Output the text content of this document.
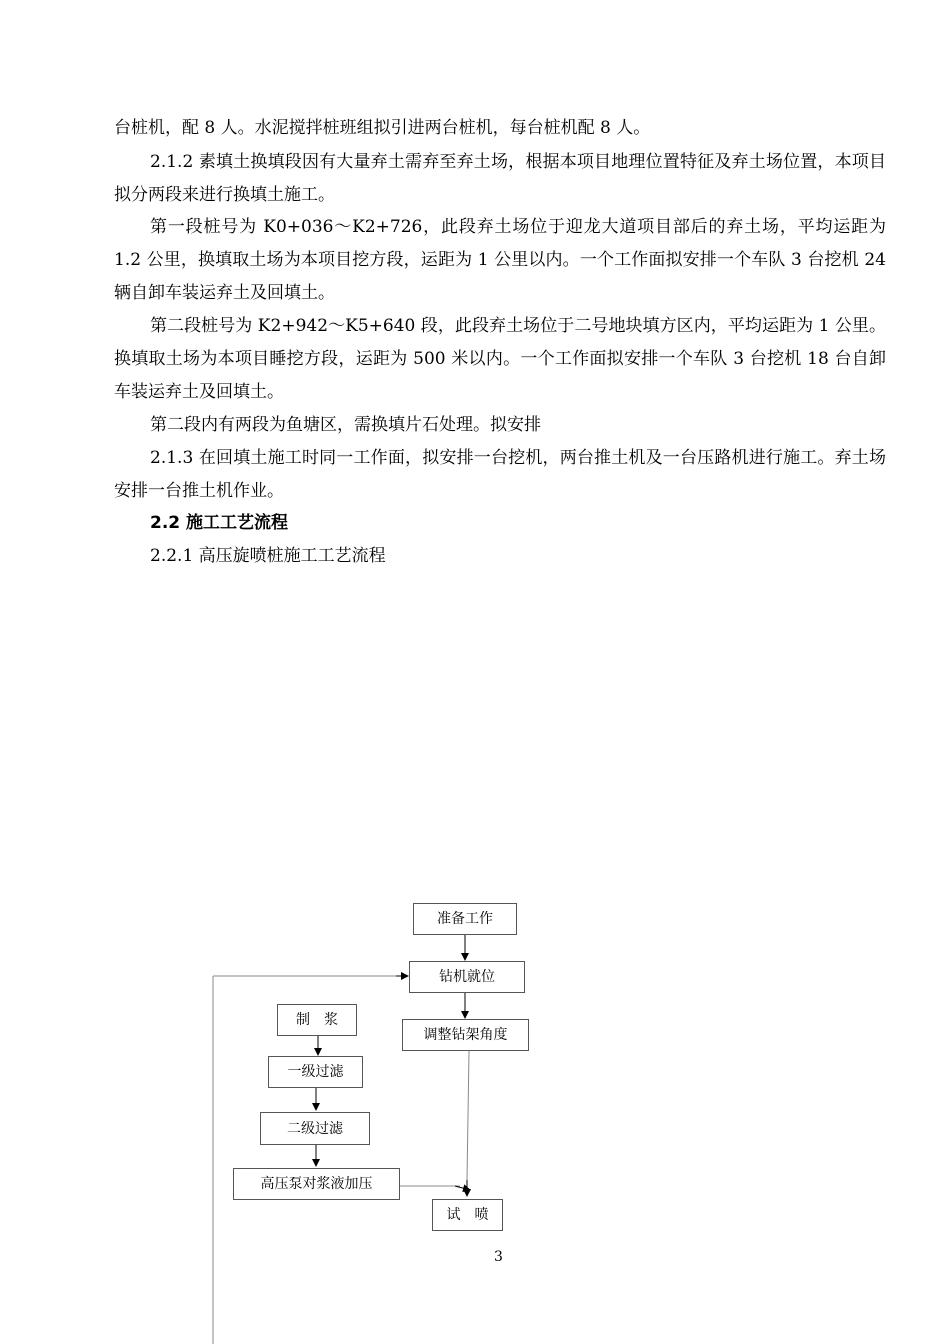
台桩机，配 8 人。水泥搅拌桩班组拟引进两台桩机，每台桩机配 8 人。

2.1.2 素填土换填段因有大量弃土需弃至弃土场，根据本项目地理位置特征及弃土场位置，本项目拟分两段来进行换填土施工。

第一段桩号为 K0+036～K2+726，此段弃土场位于迎龙大道项目部后的弃土场，平均运距为 1.2 公里，换填取土场为本项目挖方段，运距为 1 公里以内。一个工作面拟安排一个车队 3 台挖机 24 辆自卸车装运弃土及回填土。

第二段桩号为 K2+942～K5+640 段，此段弃土场位于二号地块填方区内，平均运距为 1 公里。换填取土场为本项目睡挖方段，运距为 500 米以内。一个工作面拟安排一个车队 3 台挖机 18 台自卸车装运弃土及回填土。

第二段内有两段为鱼塘区，需换填片石处理。拟安排

2.1.3 在回填土施工时同一工作面，拟安排一台挖机，两台推土机及一台压路机进行施工。弃土场安排一台推土机作业。

2.2 施工工艺流程

2.2.1 高压旋喷桩施工工艺流程

准备工作
钻机就位
调整钻架角度
制　浆
一级过滤
二级过滤
高压泵对浆液加压
试　喷
3
